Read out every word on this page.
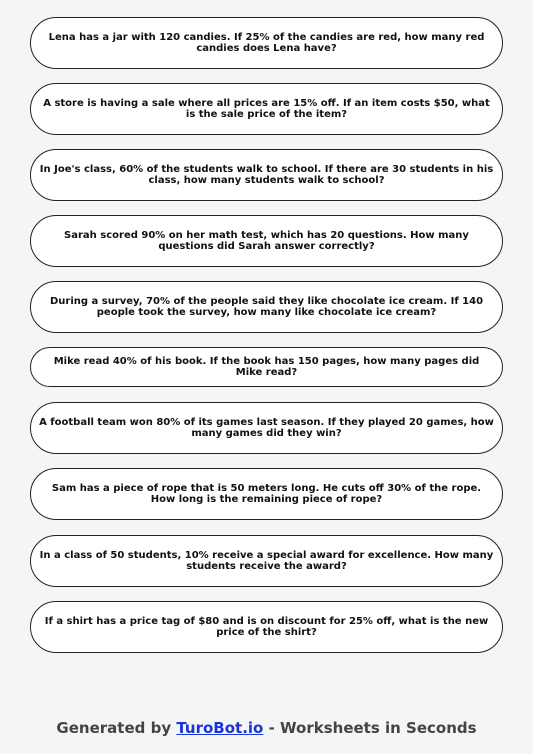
Lena has a jar with 120 candies. If 25% of the candies are red, how many red candies does Lena have?
A store is having a sale where all prices are 15% off. If an item costs $50, what is the sale price of the item?
In Joe's class, 60% of the students walk to school. If there are 30 students in his class, how many students walk to school?
Sarah scored 90% on her math test, which has 20 questions. How many questions did Sarah answer correctly?
During a survey, 70% of the people said they like chocolate ice cream. If 140 people took the survey, how many like chocolate ice cream?
Mike read 40% of his book. If the book has 150 pages, how many pages did Mike read?
A football team won 80% of its games last season. If they played 20 games, how many games did they win?
Sam has a piece of rope that is 50 meters long. He cuts off 30% of the rope. How long is the remaining piece of rope?
In a class of 50 students, 10% receive a special award for excellence. How many students receive the award?
If a shirt has a price tag of $80 and is on discount for 25% off, what is the new price of the shirt?
Generated by TuroBot.io - Worksheets in Seconds
